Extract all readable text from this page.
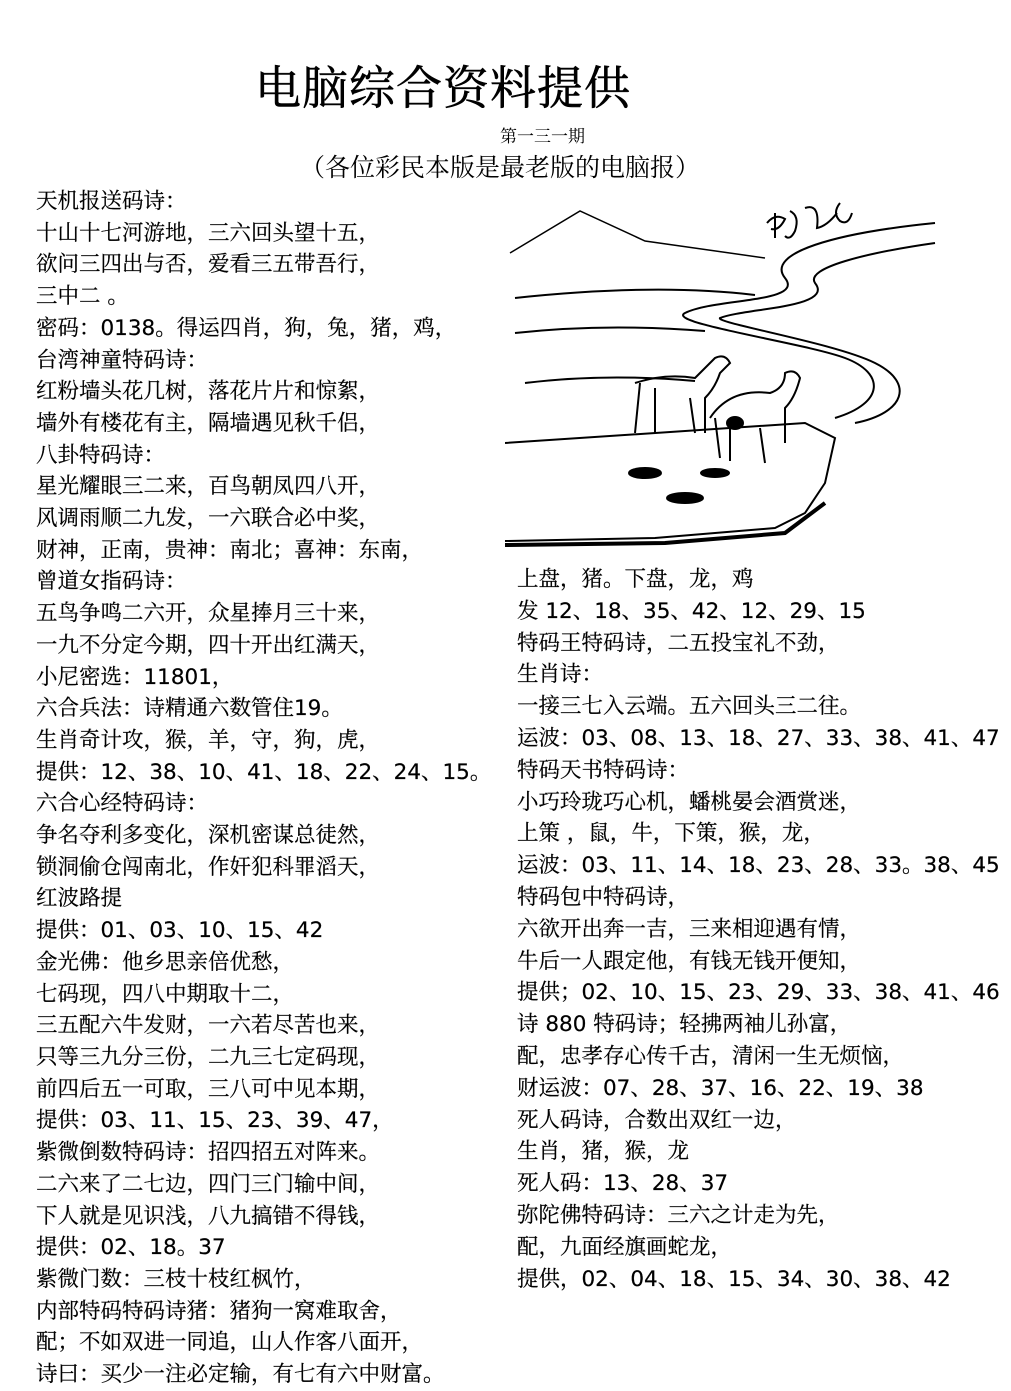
电脑综合资料提供
第一三一期
（各位彩民本版是最老版的电脑报）
天机报送码诗：
十山十七河游地，三六回头望十五，
欲问三四出与否，爱看三五带吾行，
三中二 。
密码：0138。得运四肖，狗，兔，猪，鸡，
台湾神童特码诗：
红粉墙头花几树，落花片片和惊絮，
墙外有楼花有主，隔墙遇见秋千侣，
八卦特码诗：
星光耀眼三二来，百鸟朝凤四八开，
风调雨顺二九发，一六联合必中奖，
财神，正南，贵神：南北；喜神：东南，
曾道女指码诗：
五鸟争鸣二六开，众星捧月三十来，
一九不分定今期，四十开出红满天，
小尼密选：11801，
六合兵法：诗精通六数管住19。
生肖奇计攻，猴，羊，守，狗，虎，
提供：12、38、10、41、18、22、24、15。
六合心经特码诗：
争名夺利多变化，深机密谋总徒然，
锁洞偷仓闯南北，作奸犯科罪滔天，
红波路提
提供：01、03、10、15、42
金光佛：他乡思亲倍优愁，
七码现，四八中期取十二，
三五配六牛发财，一六若尽苦也来，
只等三九分三份，二九三七定码现，
前四后五一可取，三八可中见本期，
提供：03、11、15、23、39、47，
紫微倒数特码诗：招四招五对阵来。
二六来了二七边，四门三门输中间，
下人就是见识浅，八九搞错不得钱，
提供：02、18。37
紫微门数：三枝十枝红枫竹，
内部特码特码诗猪：猪狗一窝难取舍，
配；不如双进一同追，山人作客八面开，
诗曰：买少一注必定输，有七有六中财富。
上盘，猪。下盘，龙，鸡
发 12、18、35、42、12、29、15
特码王特码诗，二五投宝礼不劲，
生肖诗：
一接三七入云端。五六回头三二往。
运波：03、08、13、18、27、33、38、41、47
特码天书特码诗：
小巧玲珑巧心机，蟠桃晏会酒赏迷，
上策 ，鼠，牛，下策，猴，龙，
运波：03、11、14、18、23、28、33。38、45
特码包中特码诗，
六欲开出奔一吉，三来相迎遇有情，
牛后一人跟定他，有钱无钱开便知，
提供；02、10、15、23、29、33、38、41、46
诗 880 特码诗；轻拂两袖儿孙富，
配，忠孝存心传千古，清闲一生无烦恼，
财运波：07、28、37、16、22、19、38
死人码诗，合数出双红一边，
生肖，猪，猴，龙
死人码：13、28、37
弥陀佛特码诗：三六之计走为先，
配，九面经旗画蛇龙，
提供，02、04、18、15、34、30、38、42
